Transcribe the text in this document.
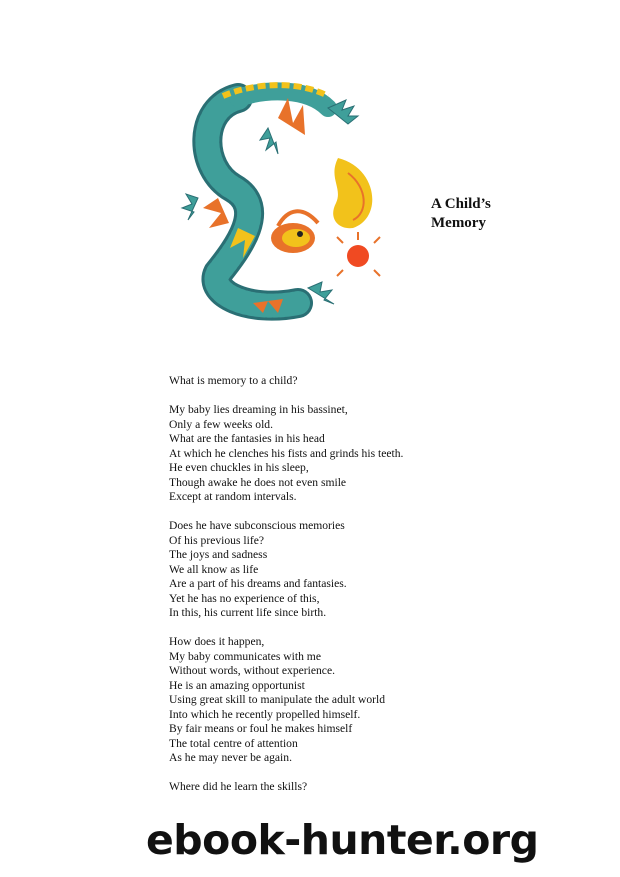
A Child’s
Memory
What is memory to a child?
My baby lies dreaming in his bassinet,
Only a few weeks old.
What are the fantasies in his head
At which he clenches his fists and grinds his teeth.
He even chuckles in his sleep,
Though awake he does not even smile
Except at random intervals.
Does he have subconscious memories
Of his previous life?
The joys and sadness
We all know as life
Are a part of his dreams and fantasies.
Yet he has no experience of this,
In this, his current life since birth.
How does it happen,
My baby communicates with me
Without words, without experience.
He is an amazing opportunist
Using great skill to manipulate the adult world
Into which he recently propelled himself.
By fair means or foul he makes himself
The total centre of attention
As he may never be again.
Where did he learn the skills?
ebook-hunter.org
